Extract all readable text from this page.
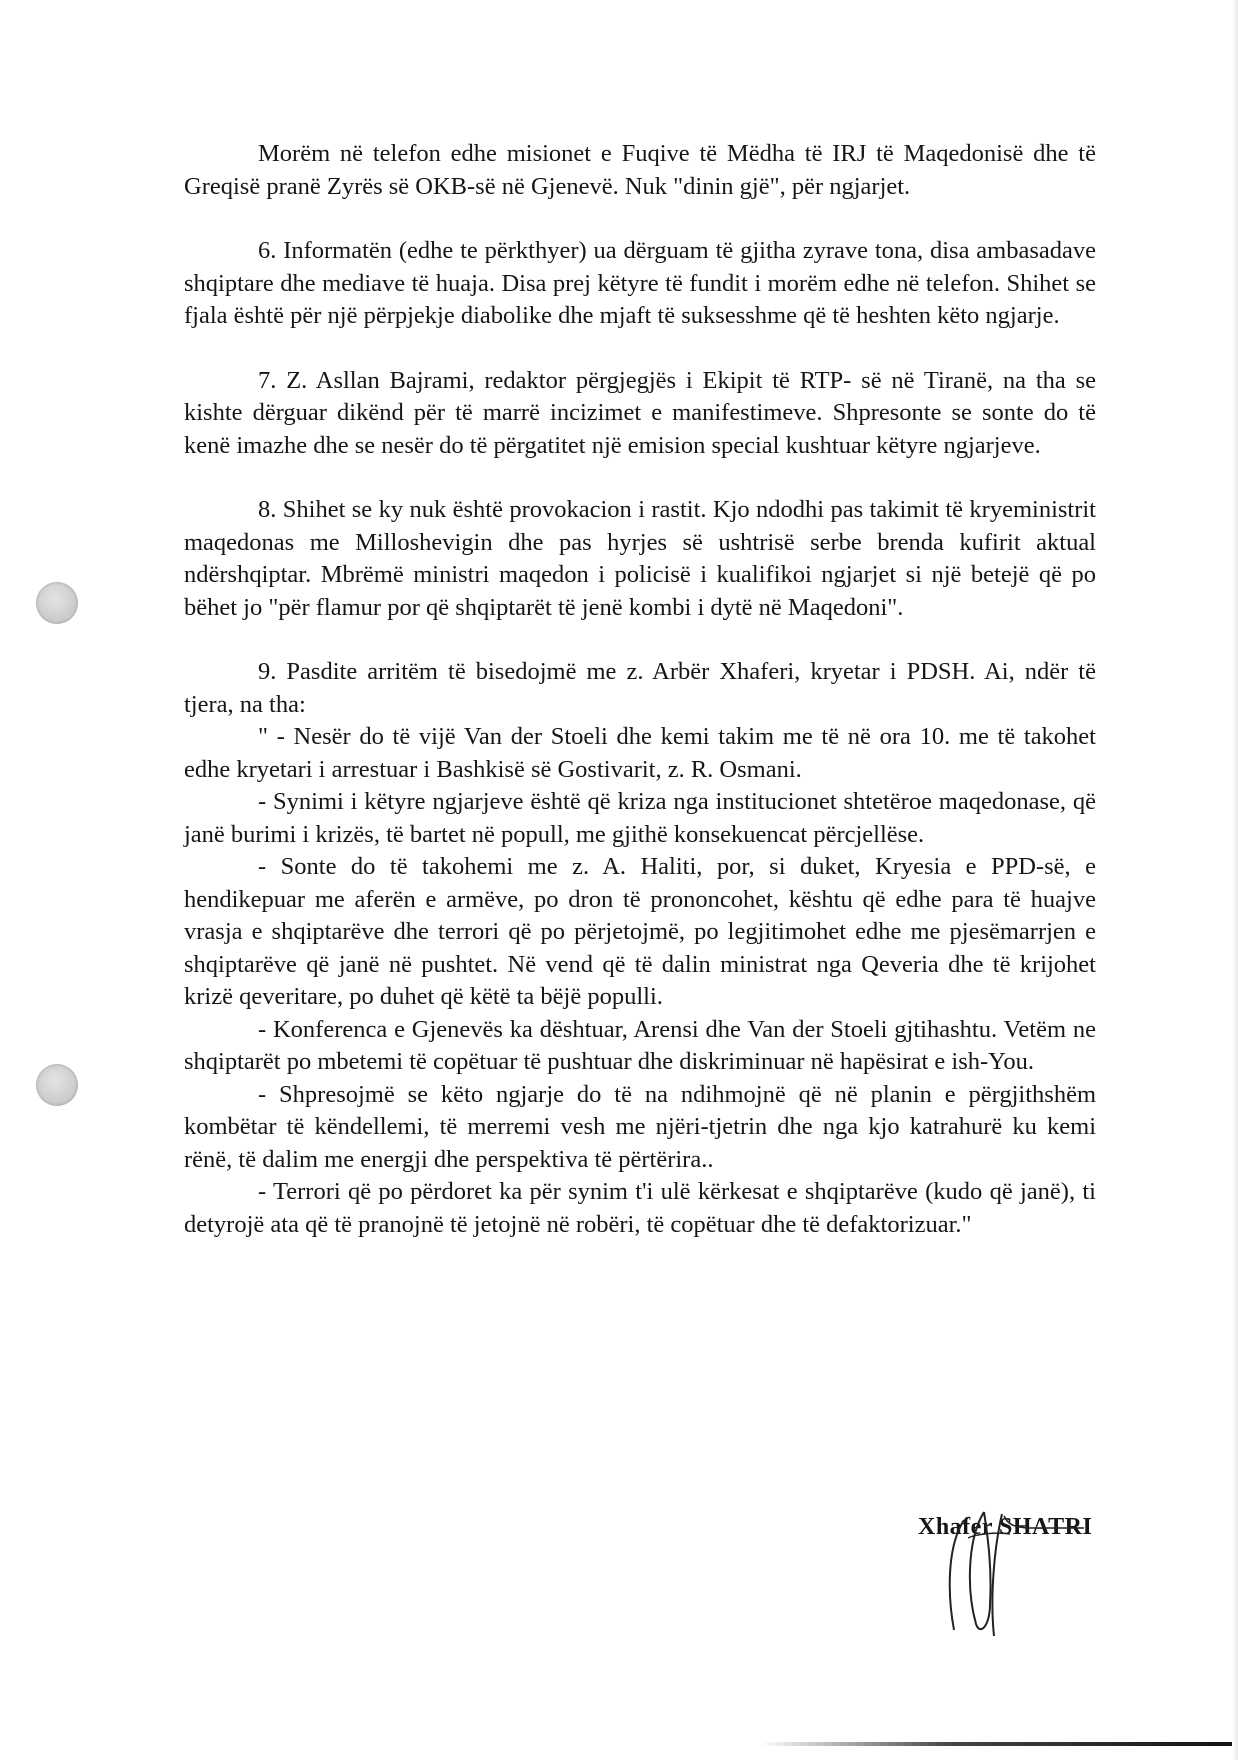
Morëm në telefon edhe misionet e Fuqive të Mëdha të IRJ të Maqedonisë dhe të Greqisë pranë Zyrës së OKB-së në Gjenevë. Nuk "dinin gjë", për ngjarjet.

6. Informatën (edhe te përkthyer) ua dërguam të gjitha zyrave tona, disa ambasadave shqiptare dhe mediave të huaja. Disa prej këtyre të fundit i morëm edhe në telefon. Shihet se fjala është për një përpjekje diabolike dhe mjaft të suksesshme që të heshten këto ngjarje.

7. Z. Asllan Bajrami, redaktor përgjegjës i Ekipit të RTP- së në Tiranë, na tha se kishte dërguar dikënd për të marrë incizimet e manifestimeve. Shpresonte se sonte do të kenë imazhe dhe se nesër do të përgatitet një emision special kushtuar këtyre ngjarjeve.

8. Shihet se ky nuk është provokacion i rastit. Kjo ndodhi pas takimit të kryeministrit maqedonas me Milloshevigin dhe pas hyrjes së ushtrisë serbe brenda kufirit aktual ndërshqiptar. Mbrëmë ministri maqedon i policisë i kualifikoi ngjarjet si një betejë që po bëhet jo "për flamur por që shqiptarët të jenë kombi i dytë në Maqedoni".

9. Pasdite arritëm të bisedojmë me z. Arbër Xhaferi, kryetar i PDSH. Ai, ndër të tjera, na tha:

" - Nesër do të vijë Van der Stoeli dhe kemi takim me të në ora 10. me të takohet edhe kryetari i arrestuar i Bashkisë së Gostivarit, z. R. Osmani.

- Synimi i këtyre ngjarjeve është që kriza nga institucionet shtetëroe maqedonase, që janë burimi i krizës, të bartet në popull, me gjithë konsekuencat përcjellëse.

- Sonte do të takohemi me z. A. Haliti, por, si duket, Kryesia e PPD-së, e hendikepuar me aferën e armëve, po dron të prononcohet, kështu që edhe para të huajve vrasja e shqiptarëve dhe terrori që po përjetojmë, po legjitimohet edhe me pjesëmarrjen e shqiptarëve që janë në pushtet. Në vend që të dalin ministrat nga Qeveria dhe të krijohet krizë qeveritare, po duhet që këtë ta bëjë populli.

- Konferenca e Gjenevës ka dështuar, Arensi dhe Van der Stoeli gjtihashtu. Vetëm ne shqiptarët po mbetemi të copëtuar të pushtuar dhe diskriminuar në hapësirat e ish-You.

- Shpresojmë se këto ngjarje do të na ndihmojnë që në planin e përgjithshëm kombëtar të këndellemi, të merremi vesh me njëri-tjetrin dhe nga kjo katrahurë ku kemi rënë, të dalim me energji dhe perspektiva të përtërira..

- Terrori që po përdoret ka për synim t'i ulë kërkesat e shqiptarëve (kudo që janë), ti detyrojë ata që të pranojnë të jetojnë në robëri, të copëtuar dhe të defaktorizuar."

Xhafer SHATRI
